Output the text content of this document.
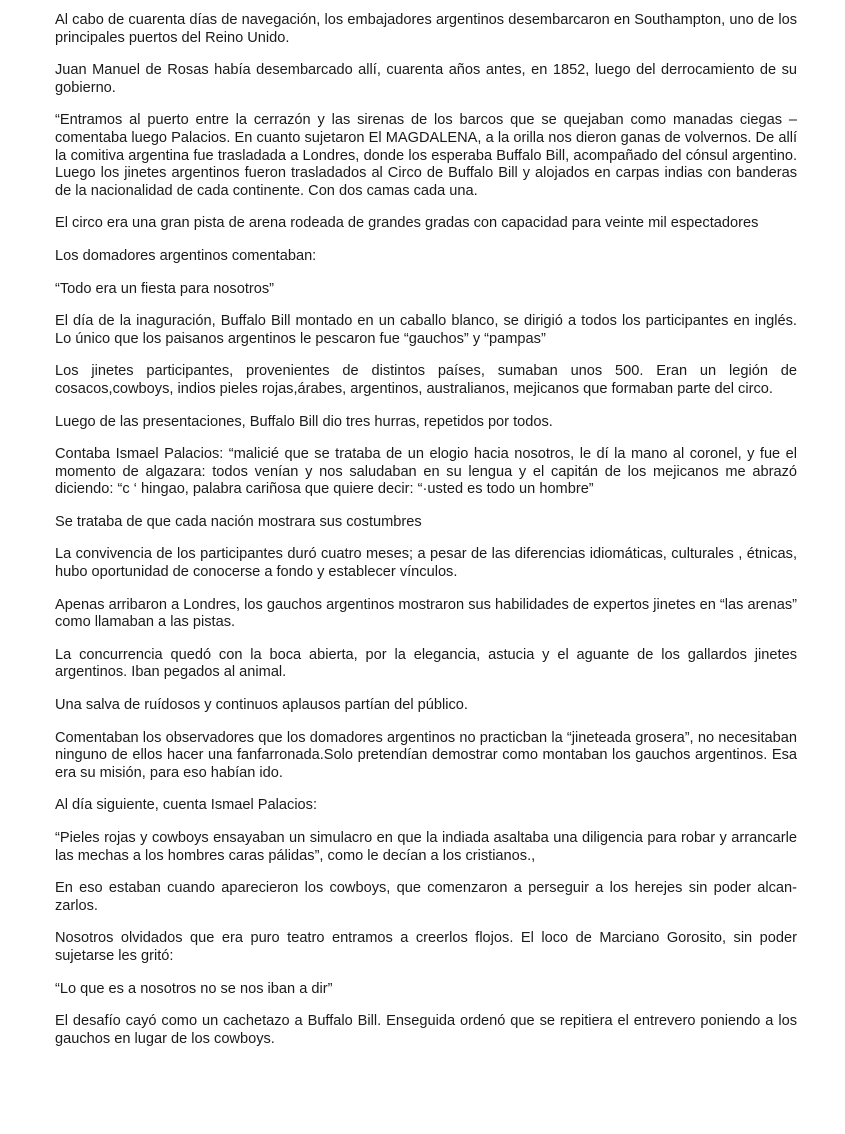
Al cabo de cuarenta días de navegación, los embajadores argentinos desembarcaron en Southampton, uno de los principales puertos del Reino Unido.

Juan Manuel de Rosas había desembarcado allí, cuarenta años antes, en 1852, luego del derrocamiento de su gobierno.

“Entramos al puerto entre la cerrazón y las sirenas de los barcos que se quejaban como manadas ciegas – comentaba luego Palacios. En cuanto sujetaron El MAGDALENA, a la orilla nos dieron ganas de volvernos. De allí la comitiva argentina fue trasladada a Londres, donde los esperaba Buffalo Bill, acompañado del cónsul argentino. Luego los jinetes argentinos fueron trasladados al Circo de Buffalo Bill y alojados en carpas indias con banderas de la nacionalidad de cada continente. Con dos camas cada una.

El circo era una gran pista de arena rodeada de grandes gradas con capacidad para veinte mil espectadores

Los domadores argentinos comentaban:

“Todo era un fiesta para nosotros”

El día de la inaguración, Buffalo Bill montado en un caballo blanco, se dirigió a todos los participantes en inglés. Lo único que los paisanos argentinos le pescaron fue “gauchos” y “pampas”

Los jinetes participantes, provenientes de distintos países, sumaban unos 500. Eran un legión de cosacos,cowboys, indios pieles rojas,árabes, argentinos, australianos, mejicanos que formaban parte del circo.

Luego de las presentaciones, Buffalo Bill dio tres hurras, repetidos por todos.

Contaba Ismael Palacios: “malicié que se trataba de un elogio hacia nosotros, le dí la mano al coronel, y fue el momento de algazara: todos venían y nos saludaban en su lengua y el capitán de los mejicanos me abrazó diciendo: “c ‘ hingao, palabra cariñosa que quiere decir: “·usted es todo un hombre”

Se trataba de que cada nación mostrara sus costumbres

La convivencia de los participantes duró cuatro meses; a pesar de las diferencias idiomáticas, culturales , étnicas, hubo oportunidad de conocerse a fondo y establecer vínculos.

Apenas arribaron a Londres, los gauchos argentinos mostraron sus habilidades de expertos jinetes en “las arenas” como llamaban a las pistas.

La concurrencia quedó con la boca abierta, por la elegancia, astucia y el aguante de los gallardos jinetes argentinos. Iban pegados al animal.

Una salva de ruídosos y continuos aplausos partían del público.

Comentaban los observadores que los domadores argentinos no practicban la “jineteada grosera”, no necesitaban ninguno de ellos hacer una fanfarronada.Solo pretendían demostrar como montaban los gauchos argentinos. Esa era su misión, para eso habían ido.

Al día siguiente, cuenta Ismael Palacios:

“Pieles rojas y cowboys ensayaban un simulacro en que la indiada asaltaba una diligencia para robar y arrancarle las mechas a los hombres caras pálidas”, como le decían a los cristianos.,

En eso estaban cuando aparecieron los cowboys, que comenzaron a perseguir a los herejes sin poder alcanzarlos.

Nosotros olvidados que era puro teatro entramos a creerlos flojos. El loco de Marciano Gorosito, sin poder sujetarse les gritó:

“Lo que es a nosotros no se nos iban a dir”

El desafío cayó como un cachetazo a Buffalo Bill. Enseguida ordenó que se repitiera el entrevero poniendo a los gauchos en lugar de los cowboys.
